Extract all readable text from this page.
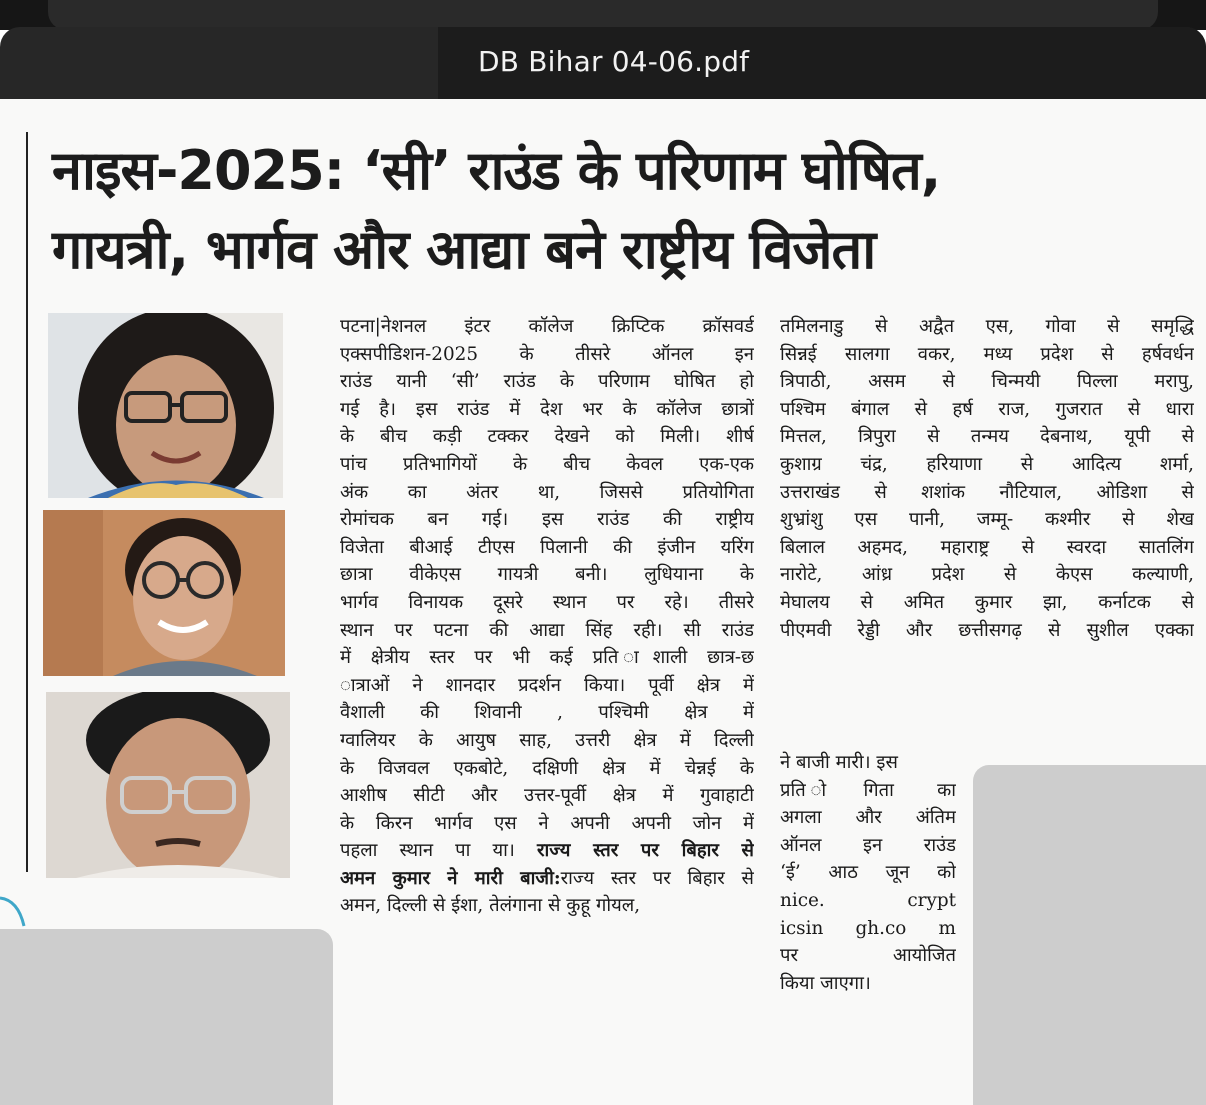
DB Bihar 04-06.pdf
नाइस-2025: ‘सी’ राउंड के परिणाम घोषित,
गायत्री, भार्गव और आद्या बने राष्ट्रीय विजेता
पटना|नेशनल इंटर कॉलेज क्रिप्टिक क्रॉसवर्ड
एक्सपीडिशन-2025 के तीसरे ऑनल इन
राउंड यानी ‘सी’ राउंड के परिणाम घोषित हो
गई है। इस राउंड में देश भर के कॉलेज छात्रों
के बीच कड़ी टक्कर देखने को मिली। शीर्ष
पांच प्रतिभागियों के बीच केवल एक-एक
अंक का अंतर था, जिससे प्रतियोगिता
रोमांचक बन गई। इस राउंड की राष्ट्रीय
विजेता बीआई टीएस पिलानी की इंजीन यरिंग
छात्रा वीकेएस गायत्री बनी। लुधियाना के
भार्गव विनायक दूसरे स्थान पर रहे। तीसरे
स्थान पर पटना की आद्या सिंह रही। सी राउंड
में क्षेत्रीय स्तर पर भी कई प्रति ाशाली छात्र-छ
ात्राओं ने शानदार प्रदर्शन किया। पूर्वी क्षेत्र में
वैशाली की शिवानी , पश्चिमी क्षेत्र में
ग्वालियर के आयुष साह, उत्तरी क्षेत्र में दिल्ली
के विजवल एकबोटे, दक्षिणी क्षेत्र में चेन्नई के
आशीष सीटी और उत्तर-पूर्वी क्षेत्र में गुवाहाटी
के किरन भार्गव एस ने अपनी अपनी जोन में
पहला स्थान पा या। राज्य स्तर पर बिहार से
अमन कुमार ने मारी बाजी:राज्य स्तर पर बिहार से
अमन, दिल्ली से ईशा, तेलंगाना से कुहू गोयल,
तमिलनाडु से अद्वैत एस, गोवा से समृद्धि
सिन्नई सालगा वकर, मध्य प्रदेश से हर्षवर्धन
त्रिपाठी, असम से चिन्मयी पिल्ला मरापु,
पश्चिम बंगाल से हर्ष राज, गुजरात से धारा
मित्तल, त्रिपुरा से तन्मय देबनाथ, यूपी से
कुशाग्र चंद्र, हरियाणा से आदित्य शर्मा,
उत्तराखंड से शशांक नौटियाल, ओडिशा से
शुभ्रांशु एस पानी, जम्मू- कश्मीर से शेख
बिलाल अहमद, महाराष्ट्र से स्वरदा सातलिंग
नारोटे, आंध्र प्रदेश से केएस कल्याणी,
मेघालय से अमित कुमार झा, कर्नाटक से
पीएमवी रेड्डी और छत्तीसगढ़ से सुशील एक्का
ने बाजी मारी। इस
प्रति ोगिता का
अगला और अंतिम
ऑनल इन राउंड
‘ई’ आठ जून को
nice. crypt
icsin gh.co m
पर आयोजित
किया जाएगा।
